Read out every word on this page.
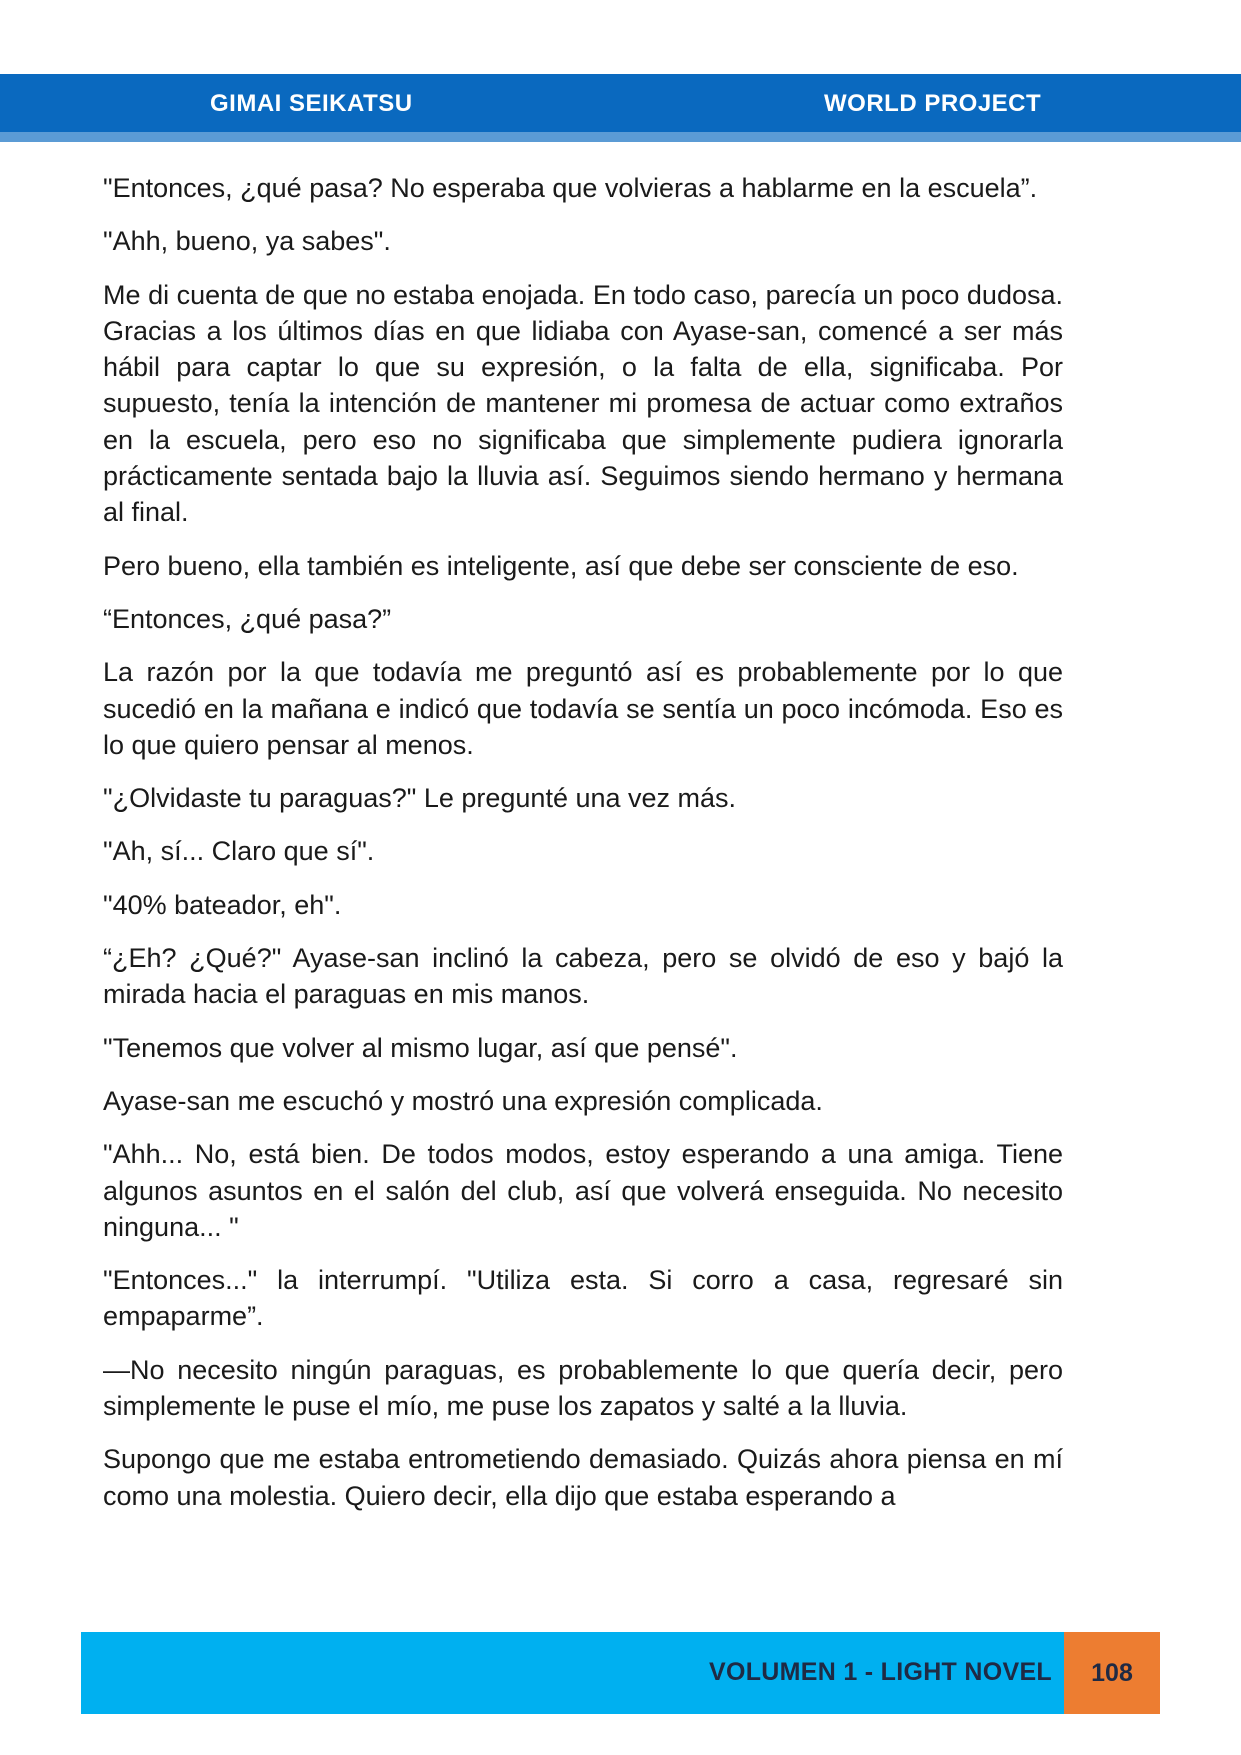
GIMAI SEIKATSU	WORLD PROJECT

"Entonces, ¿qué pasa? No esperaba que volvieras a hablarme en la escuela”.

"Ahh, bueno, ya sabes".

Me di cuenta de que no estaba enojada. En todo caso, parecía un poco dudosa. Gracias a los últimos días en que lidiaba con Ayase-san, comencé a ser más hábil para captar lo que su expresión, o la falta de ella, significaba. Por supuesto, tenía la intención de mantener mi promesa de actuar como extraños en la escuela, pero eso no significaba que simplemente pudiera ignorarla prácticamente sentada bajo la lluvia así. Seguimos siendo hermano y hermana al final.

Pero bueno, ella también es inteligente, así que debe ser consciente de eso.

“Entonces, ¿qué pasa?”

La razón por la que todavía me preguntó así es probablemente por lo que sucedió en la mañana e indicó que todavía se sentía un poco incómoda. Eso es lo que quiero pensar al menos.

"¿Olvidaste tu paraguas?" Le pregunté una vez más.

"Ah, sí... Claro que sí".

"40% bateador, eh".

“¿Eh? ¿Qué?" Ayase-san inclinó la cabeza, pero se olvidó de eso y bajó la mirada hacia el paraguas en mis manos.

"Tenemos que volver al mismo lugar, así que pensé".

Ayase-san me escuchó y mostró una expresión complicada.

"Ahh... No, está bien. De todos modos, estoy esperando a una amiga. Tiene algunos asuntos en el salón del club, así que volverá enseguida. No necesito ninguna... "

"Entonces..." la interrumpí. "Utiliza esta. Si corro a casa, regresaré sin empaparme”.

—No necesito ningún paraguas, es probablemente lo que quería decir, pero simplemente le puse el mío, me puse los zapatos y salté a la lluvia.

Supongo que me estaba entrometiendo demasiado. Quizás ahora piensa en mí como una molestia. Quiero decir, ella dijo que estaba esperando a

VOLUMEN 1 - LIGHT NOVEL	108
